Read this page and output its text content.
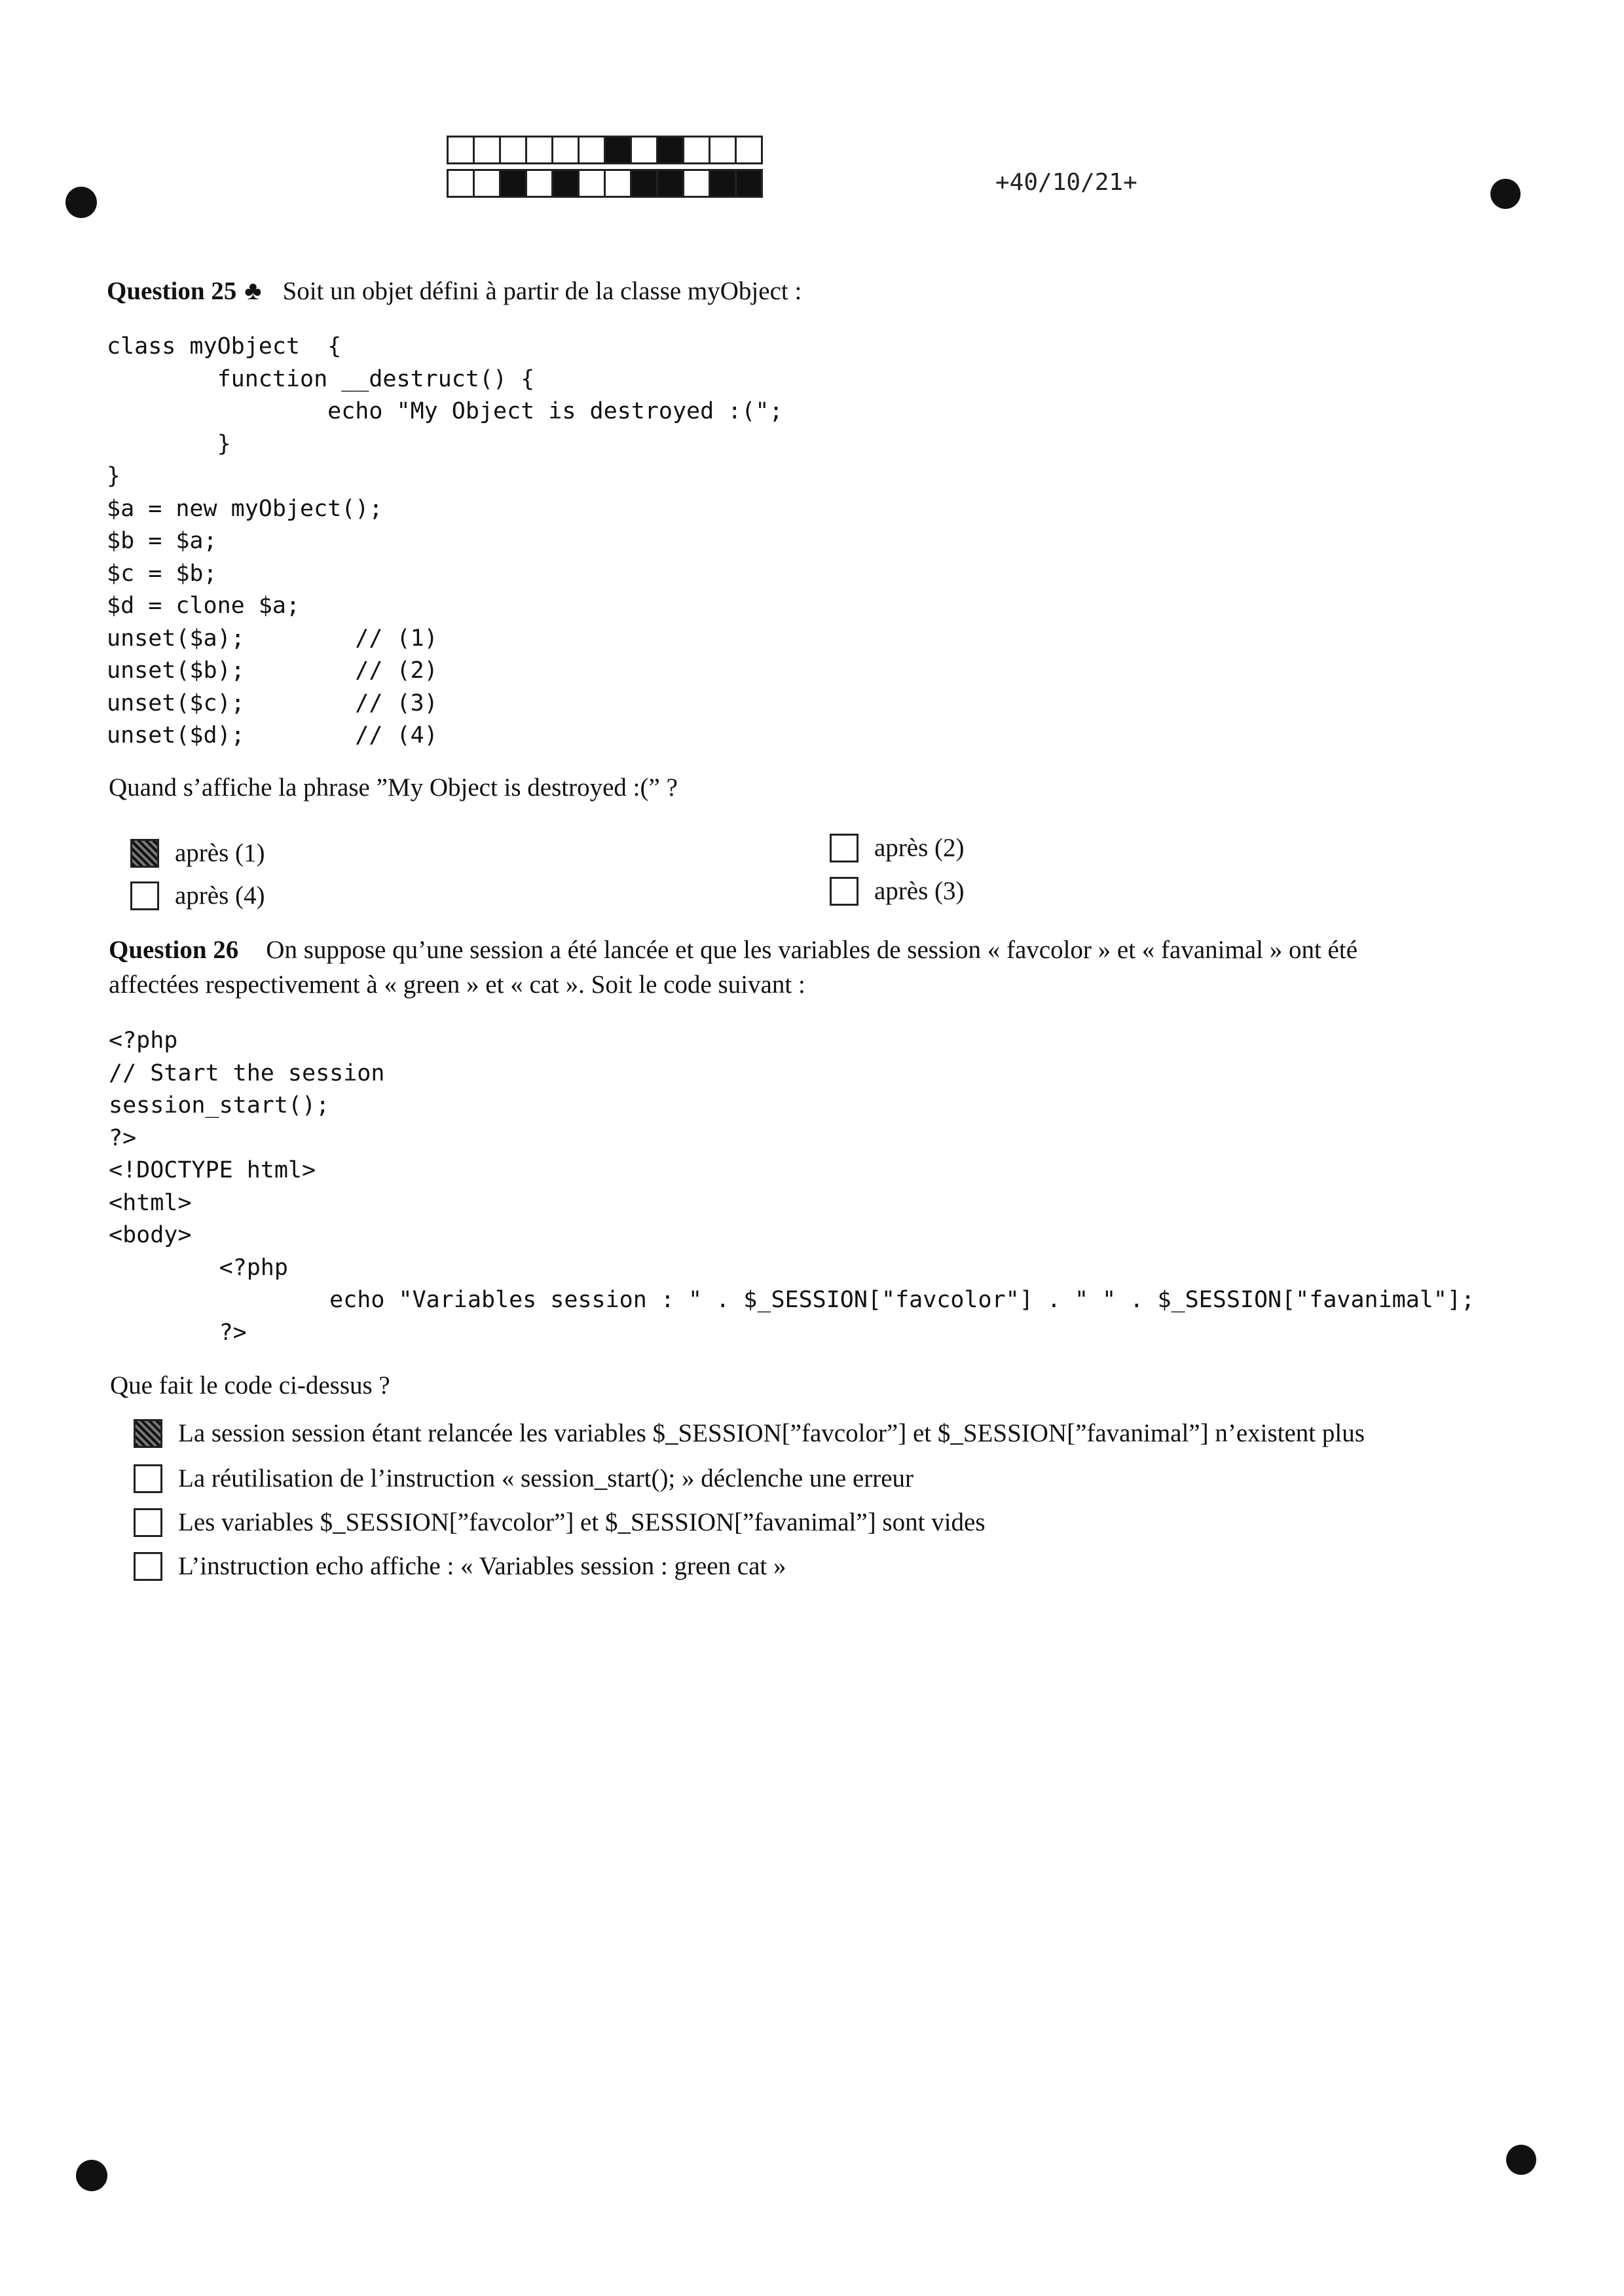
+40/10/21+
Question 25 ♣ Soit un objet défini à partir de la classe myObject :
class myObject  {
function __destruct() {
echo "My Object is destroyed :(";
}
}
$a = new myObject();
$b = $a;
$c = $b;
$d = clone $a;
unset($a);        // (1)
unset($b);        // (2)
unset($c);        // (3)
unset($d);        // (4)
Quand s’affiche la phrase ”My Object is destroyed :(” ?
après (1)
après (4)
après (2)
après (3)
Question 26 On suppose qu’une session a été lancée et que les variables de session « favcolor » et « favanimal » ont été
affectées respectivement à « green » et « cat ». Soit le code suivant :
<?php
// Start the session
session_start();
?>
<!DOCTYPE html>
<html>
<body>
<?php
echo "Variables session : " . $_SESSION["favcolor"] . " " . $_SESSION["favanimal"];
?>
Que fait le code ci-dessus ?
La session session étant relancée les variables $_SESSION[”favcolor”] et $_SESSION[”favanimal”] n’existent plus
La réutilisation de l’instruction « session_start(); » déclenche une erreur
Les variables $_SESSION[”favcolor”] et $_SESSION[”favanimal”] sont vides
L’instruction echo affiche : « Variables session : green cat »
